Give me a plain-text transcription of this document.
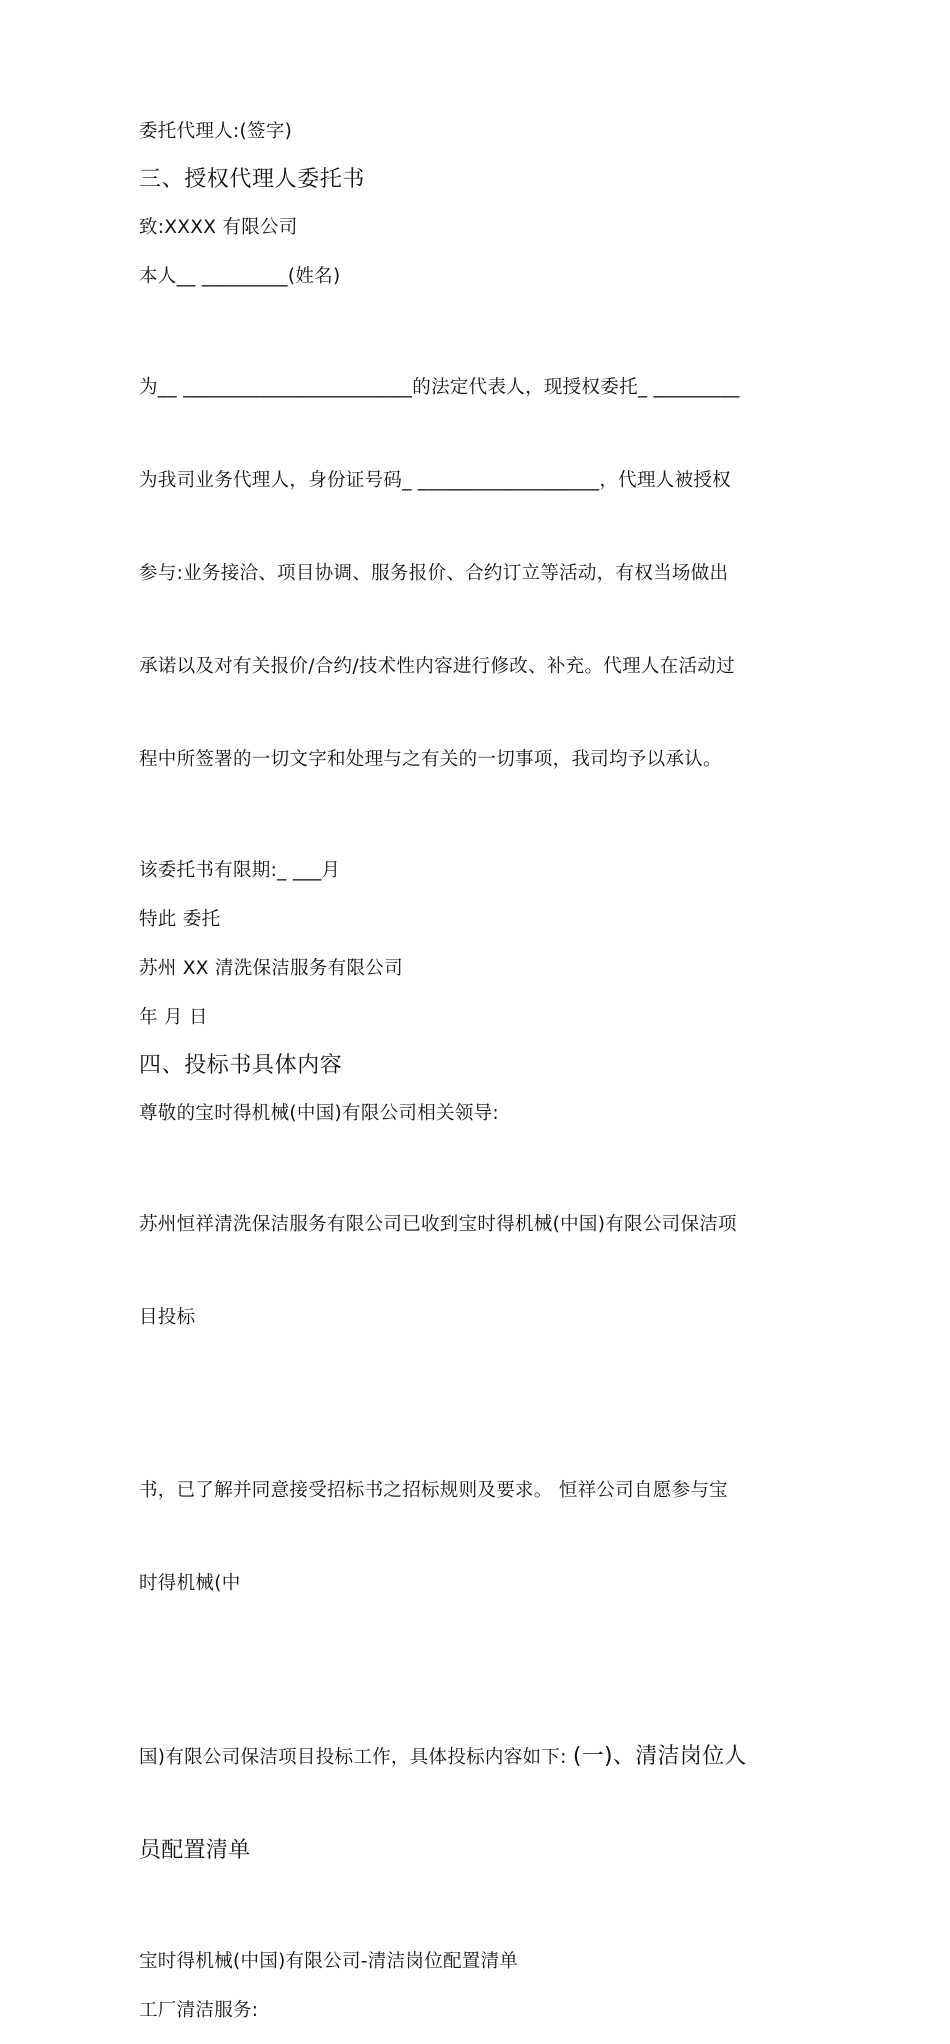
委托代理人:(签字)
三、授权代理人委托书
致:XXXX 有限公司
本人__ _________(姓名)

为__ ________________________的法定代表人，现授权委托_ _________

为我司业务代理人，身份证号码_ ___________________，代理人被授权

参与:业务接洽、项目协调、服务报价、合约订立等活动，有权当场做出

承诺以及对有关报价/合约/技术性内容进行修改、补充。代理人在活动过

程中所签署的一切文字和处理与之有关的一切事项，我司均予以承认。

该委托书有限期:_ ___月
特此 委托
苏州 XX 清洗保洁服务有限公司
年 月 日
四、投标书具体内容
尊敬的宝时得机械(中国)有限公司相关领导:

苏州恒祥清洗保洁服务有限公司已收到宝时得机械(中国)有限公司保洁项

目投标

书，已了解并同意接受招标书之招标规则及要求。 恒祥公司自愿参与宝

时得机械(中

国)有限公司保洁项目投标工作，具体投标内容如下: (一)、清洁岗位人

员配置清单

宝时得机械(中国)有限公司-清洁岗位配置清单
工厂清洁服务:
